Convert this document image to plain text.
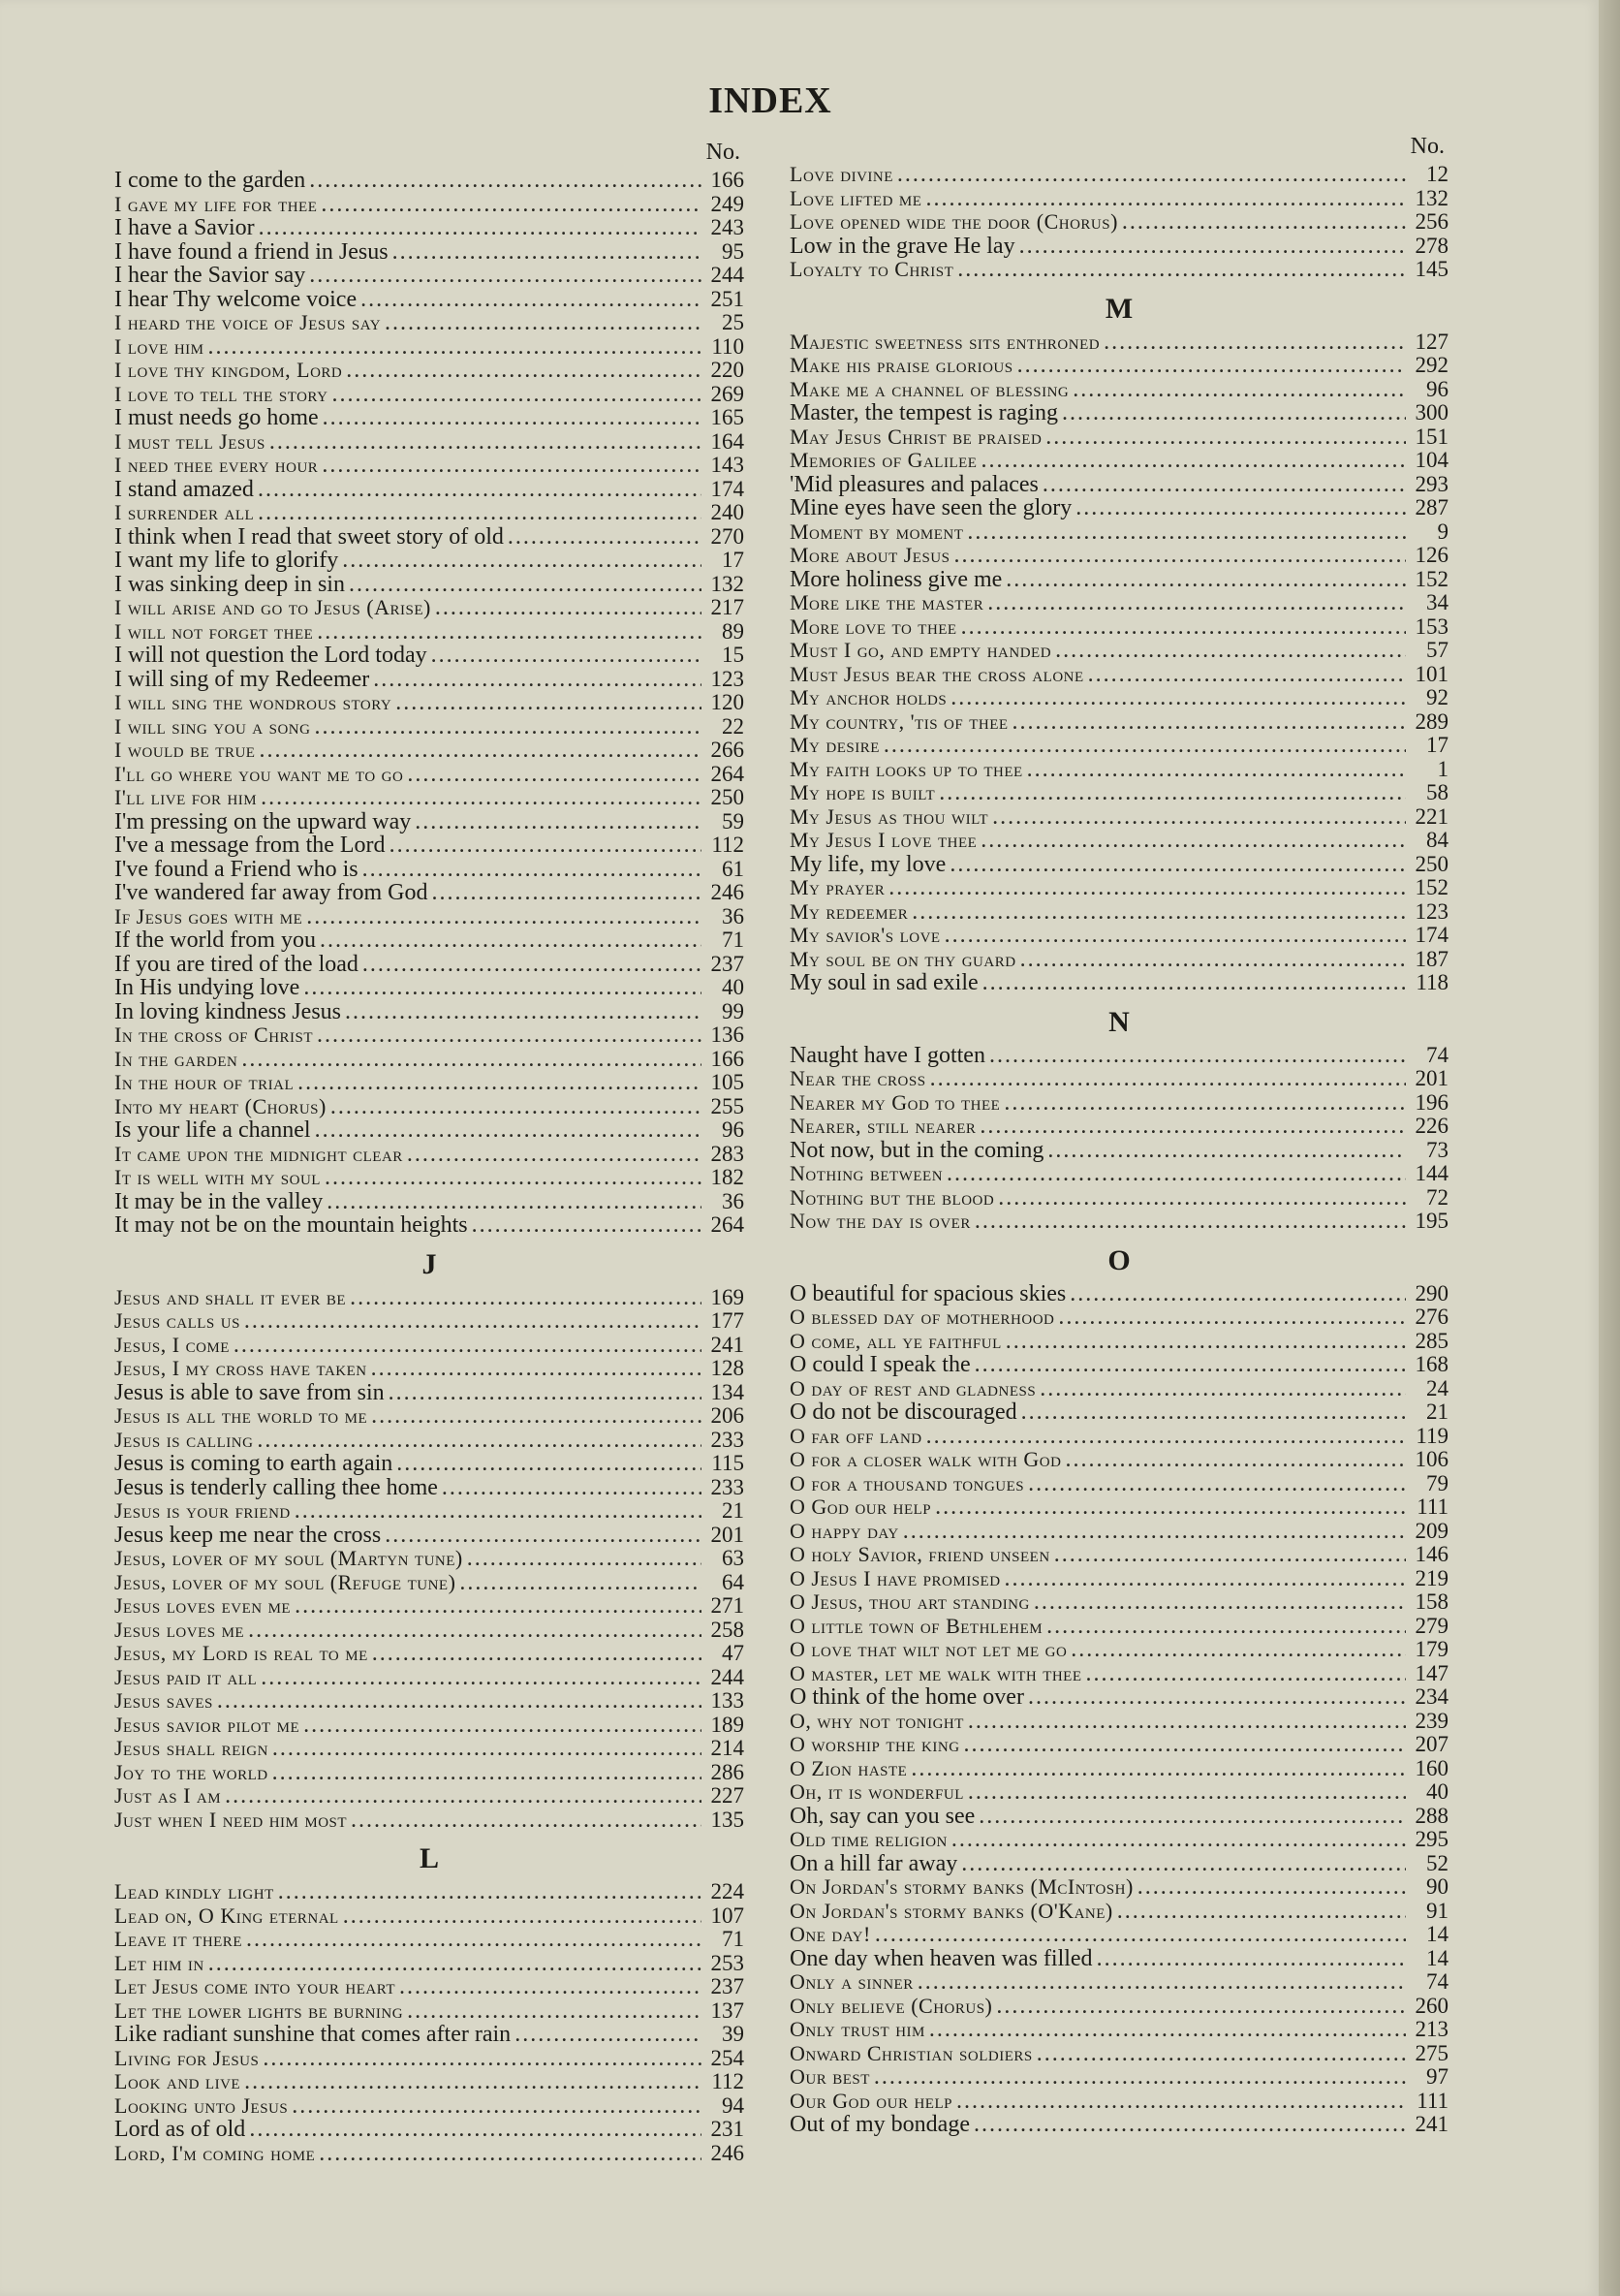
INDEX
No.
I come to the garden .....	166
I gave my life for thee .....	249
I have a Savior .....	243
I have found a friend in Jesus .....	95
I hear the Savior say .....	244
I hear Thy welcome voice .....	251
I heard the voice of Jesus say .....	25
I love him .....	110
I love thy kingdom, Lord .....	220
I love to tell the story .....	269
I must needs go home .....	165
I must tell Jesus .....	164
I need thee every hour .....	143
I stand amazed .....	174
I surrender all .....	240
I think when I read that sweet story of old .....	270
I want my life to glorify .....	17
I was sinking deep in sin .....	132
I will arise and go to Jesus (Arise) .....	217
I will not forget thee .....	89
I will not question the Lord today .....	15
I will sing of my Redeemer .....	123
I will sing the wondrous story .....	120
I will sing you a song .....	22
I would be true .....	266
I'll go where you want me to go .....	264
I'll live for him .....	250
I'm pressing on the upward way .....	59
I've a message from the Lord .....	112
I've found a Friend who is .....	61
I've wandered far away from God .....	246
If Jesus goes with me .....	36
If the world from you .....	71
If you are tired of the load .....	237
In His undying love .....	40
In loving kindness Jesus .....	99
In the cross of Christ .....	136
In the garden .....	166
In the hour of trial .....	105
Into my heart (Chorus) .....	255
Is your life a channel .....	96
It came upon the midnight clear .....	283
It is well with my soul .....	182
It may be in the valley .....	36
It may not be on the mountain heights .....	264
J
Jesus and shall it ever be .....	169
Jesus calls us .....	177
Jesus, I come .....	241
Jesus, I my cross have taken .....	128
Jesus is able to save from sin .....	134
Jesus is all the world to me .....	206
Jesus is calling .....	233
Jesus is coming to earth again .....	115
Jesus is tenderly calling thee home .....	233
Jesus is your friend .....	21
Jesus keep me near the cross .....	201
Jesus, lover of my soul (Martyn tune) .....	63
Jesus, lover of my soul (Refuge tune) .....	64
Jesus loves even me .....	271
Jesus loves me .....	258
Jesus, my Lord is real to me .....	47
Jesus paid it all .....	244
Jesus saves .....	133
Jesus savior pilot me .....	189
Jesus shall reign .....	214
Joy to the world .....	286
Just as I am .....	227
Just when I need him most .....	135
L
Lead kindly light .....	224
Lead on, O King eternal .....	107
Leave it there .....	71
Let him in .....	253
Let Jesus come into your heart .....	237
Let the lower lights be burning .....	137
Like radiant sunshine that comes after rain .....	39
Living for Jesus .....	254
Look and live .....	112
Looking unto Jesus .....	94
Lord as of old .....	231
Lord, I'm coming home .....	246
No.
Love divine .....	12
Love lifted me .....	132
Love opened wide the door (Chorus) .....	256
Low in the grave He lay .....	278
Loyalty to Christ .....	145
M
Majestic sweetness sits enthroned .....	127
Make his praise glorious .....	292
Make me a channel of blessing .....	96
Master, the tempest is raging .....	300
May Jesus Christ be praised .....	151
Memories of Galilee .....	104
'Mid pleasures and palaces .....	293
Mine eyes have seen the glory .....	287
Moment by moment .....	9
More about Jesus .....	126
More holiness give me .....	152
More like the master .....	34
More love to thee .....	153
Must I go, and empty handed .....	57
Must Jesus bear the cross alone .....	101
My anchor holds .....	92
My country, 'tis of thee .....	289
My desire .....	17
My faith looks up to thee .....	1
My hope is built .....	58
My Jesus as thou wilt .....	221
My Jesus I love thee .....	84
My life, my love .....	250
My prayer .....	152
My redeemer .....	123
My savior's love .....	174
My soul be on thy guard .....	187
My soul in sad exile .....	118
N
Naught have I gotten .....	74
Near the cross .....	201
Nearer my God to thee .....	196
Nearer, still nearer .....	226
Not now, but in the coming .....	73
Nothing between .....	144
Nothing but the blood .....	72
Now the day is over .....	195
O
O beautiful for spacious skies .....	290
O blessed day of motherhood .....	276
O come, all ye faithful .....	285
O could I speak the .....	168
O day of rest and gladness .....	24
O do not be discouraged .....	21
O far off land .....	119
O for a closer walk with God .....	106
O for a thousand tongues .....	79
O God our help .....	111
O happy day .....	209
O holy Savior, friend unseen .....	146
O Jesus I have promised .....	219
O Jesus, thou art standing .....	158
O little town of Bethlehem .....	279
O love that wilt not let me go .....	179
O master, let me walk with thee .....	147
O think of the home over .....	234
O, why not tonight .....	239
O worship the king .....	207
O Zion haste .....	160
Oh, it is wonderful .....	40
Oh, say can you see .....	288
Old time religion .....	295
On a hill far away .....	52
On Jordan's stormy banks (McIntosh) .....	90
On Jordan's stormy banks (O'Kane) .....	91
One day! .....	14
One day when heaven was filled .....	14
Only a sinner .....	74
Only believe (Chorus) .....	260
Only trust him .....	213
Onward Christian soldiers .....	275
Our best .....	97
Our God our help .....	111
Out of my bondage .....	241
